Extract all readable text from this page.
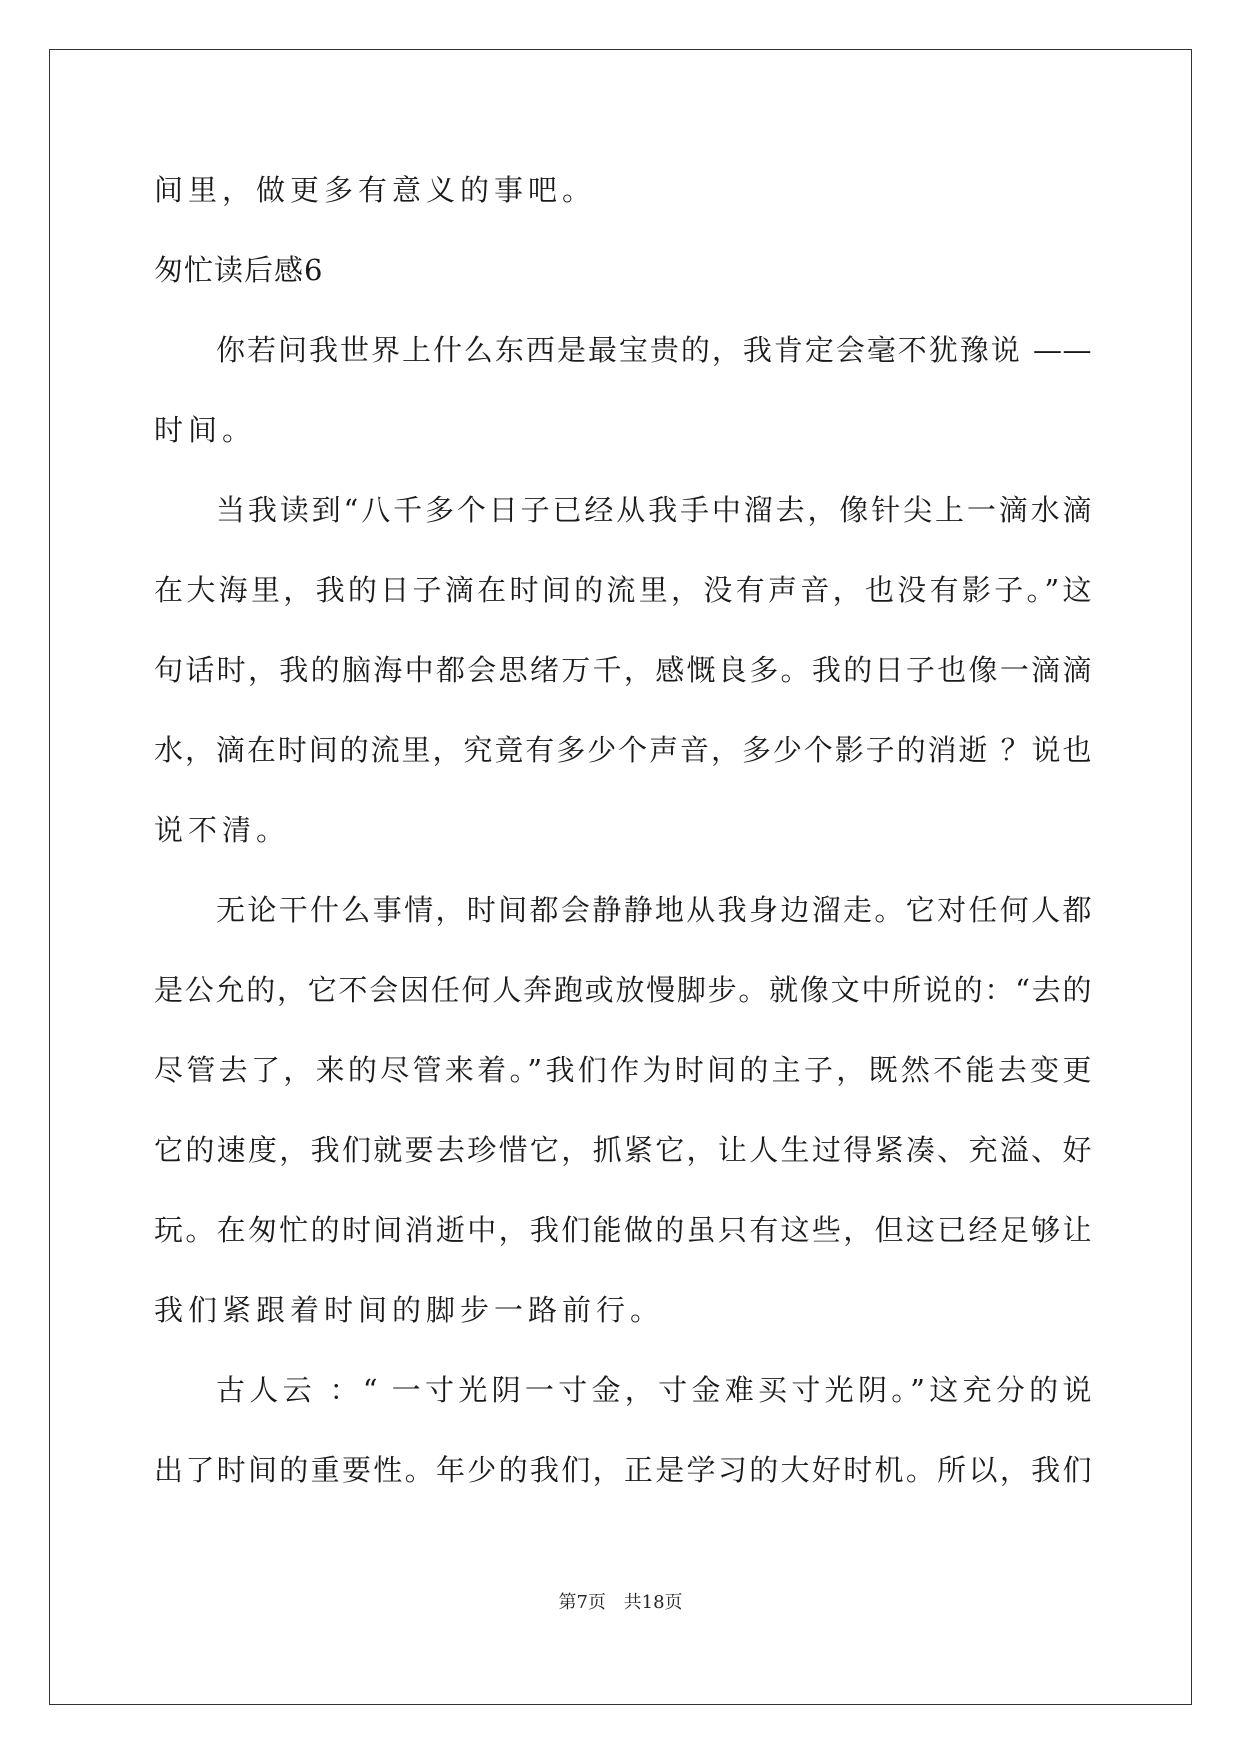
间里，做更多有意义的事吧。
匆忙读后感6
你若问我世界上什么东西是最宝贵的，我肯定会毫不犹豫说 ——
时间。
当我读到“八千多个日子已经从我手中溜去，像针尖上一滴水滴
在大海里，我的日子滴在时间的流里，没有声音，也没有影子。”这
句话时，我的脑海中都会思绪万千，感慨良多。我的日子也像一滴滴
水，滴在时间的流里，究竟有多少个声音，多少个影子的消逝 ？说也
说不清。
无论干什么事情，时间都会静静地从我身边溜走。它对任何人都
是公允的，它不会因任何人奔跑或放慢脚步。就像文中所说的：“去的
尽管去了，来的尽管来着。”我们作为时间的主子，既然不能去变更
它的速度，我们就要去珍惜它，抓紧它，让人生过得紧凑、充溢、好
玩。在匆忙的时间消逝中，我们能做的虽只有这些，但这已经足够让
我们紧跟着时间的脚步一路前行。
古人云 ：“ 一寸光阴一寸金，寸金难买寸光阴。”这充分的说
出了时间的重要性。年少的我们，正是学习的大好时机。所以，我们
第7页 共18页
